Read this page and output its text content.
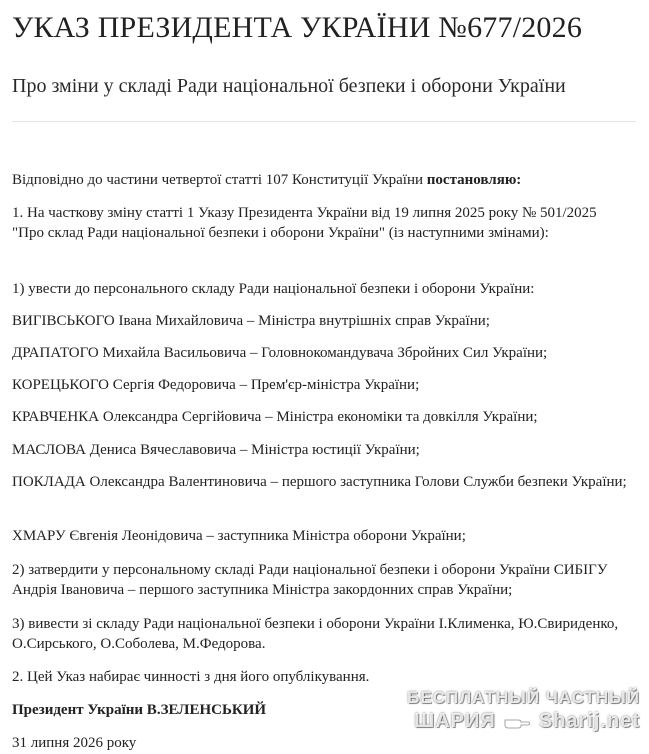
УКАЗ ПРЕЗИДЕНТА УКРАЇНИ №677/2026
Про зміни у складі Ради національної безпеки і оборони України

Відповідно до частини четвертої статті 107 Конституції України постановляю:

1. На часткову зміну статті 1 Указу Президента України від 19 липня 2025 року № 501/2025 "Про склад Ради національної безпеки і оборони України" (із наступними змінами):

1) увести до персонального складу Ради національної безпеки і оборони України:

ВИГІВСЬКОГО Івана Михайловича – Міністра внутрішніх справ України;

ДРАПАТОГО Михайла Васильовича – Головнокомандувача Збройних Сил України;

КОРЕЦЬКОГО Сергія Федоровича – Прем'єр-міністра України;

КРАВЧЕНКА Олександра Сергійовича – Міністра економіки та довкілля України;

МАСЛОВА Дениса Вячеславовича – Міністра юстиції України;

ПОКЛАДА Олександра Валентиновича – першого заступника Голови Служби безпеки України;

ХМАРУ Євгенія Леонідовича – заступника Міністра оборони України;

2) затвердити у персональному складі Ради національної безпеки і оборони України СИБІГУ Андрія Івановича – першого заступника Міністра закордонних справ України;

3) вивести зі складу Ради національної безпеки і оборони України І.Клименка, Ю.Свириденко, О.Сирського, О.Соболева, М.Федорова.

2. Цей Указ набирає чинності з дня його опублікування.

Президент України В.ЗЕЛЕНСЬКИЙ

31 липня 2026 року

БЕСПЛАТНЫЙ ЧАСТНЫЙ
ШАРИЯ Sharij.net
